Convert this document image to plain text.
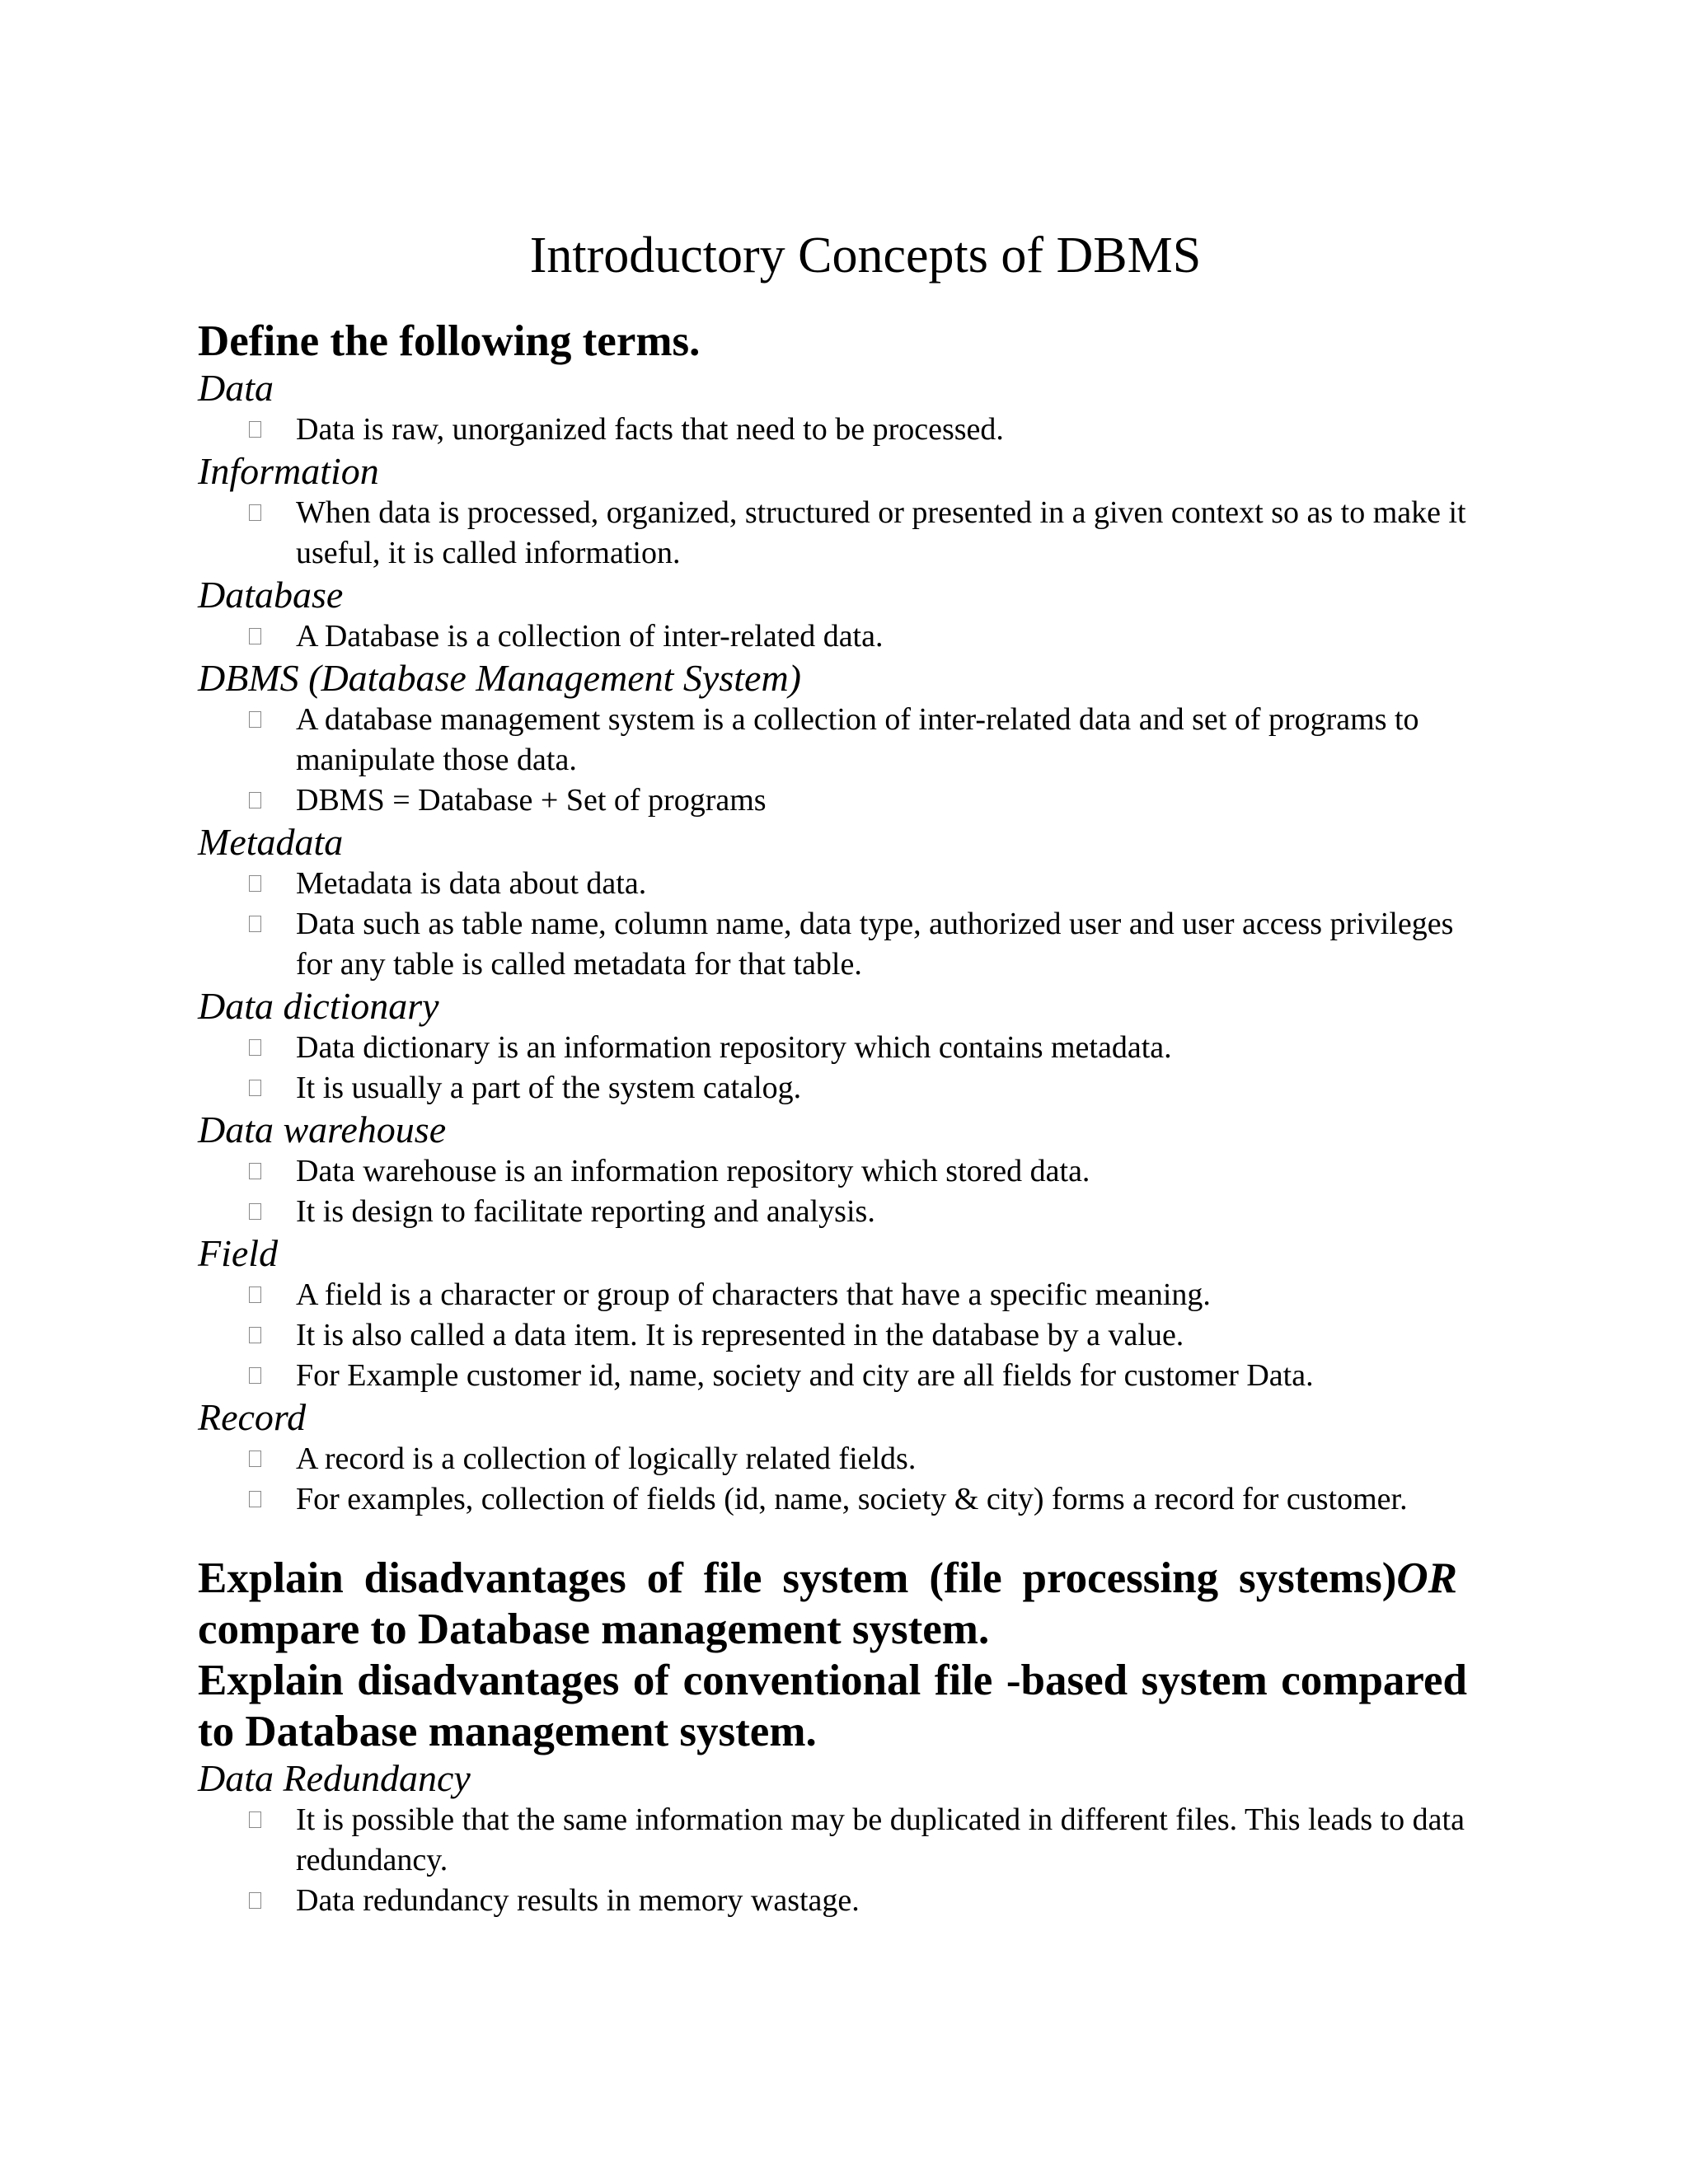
Introductory Concepts of DBMS
Define the following terms.
Data
Data is raw, unorganized facts that need to be processed.
Information
When data is processed, organized, structured or presented in a given context so as to make it useful, it is called information.
Database
A Database is a collection of inter-related data.
DBMS (Database Management System)
A database management system is a collection of inter-related data and set of programs to manipulate those data.
DBMS = Database + Set of programs
Metadata
Metadata is data about data.
Data such as table name, column name, data type, authorized user and user access privileges for any table is called metadata for that table.
Data dictionary
Data dictionary is an information repository which contains metadata.
It is usually a part of the system catalog.
Data warehouse
Data warehouse is an information repository which stored data.
It is design to facilitate reporting and analysis.
Field
A field is a character or group of characters that have a specific meaning.
It is also called a data item. It is represented in the database by a value.
For Example customer id, name, society and city are all fields for customer Data.
Record
A record is a collection of logically related fields.
For examples, collection of fields (id, name, society & city) forms a record for customer.
OR
Explain disadvantages of file system (file processing systems) compare to Database management system.
Explain disadvantages of conventional file -based system compared to Database management system.
Data Redundancy
It is possible that the same information may be duplicated in different files. This leads to data redundancy.
Data redundancy results in memory wastage.
